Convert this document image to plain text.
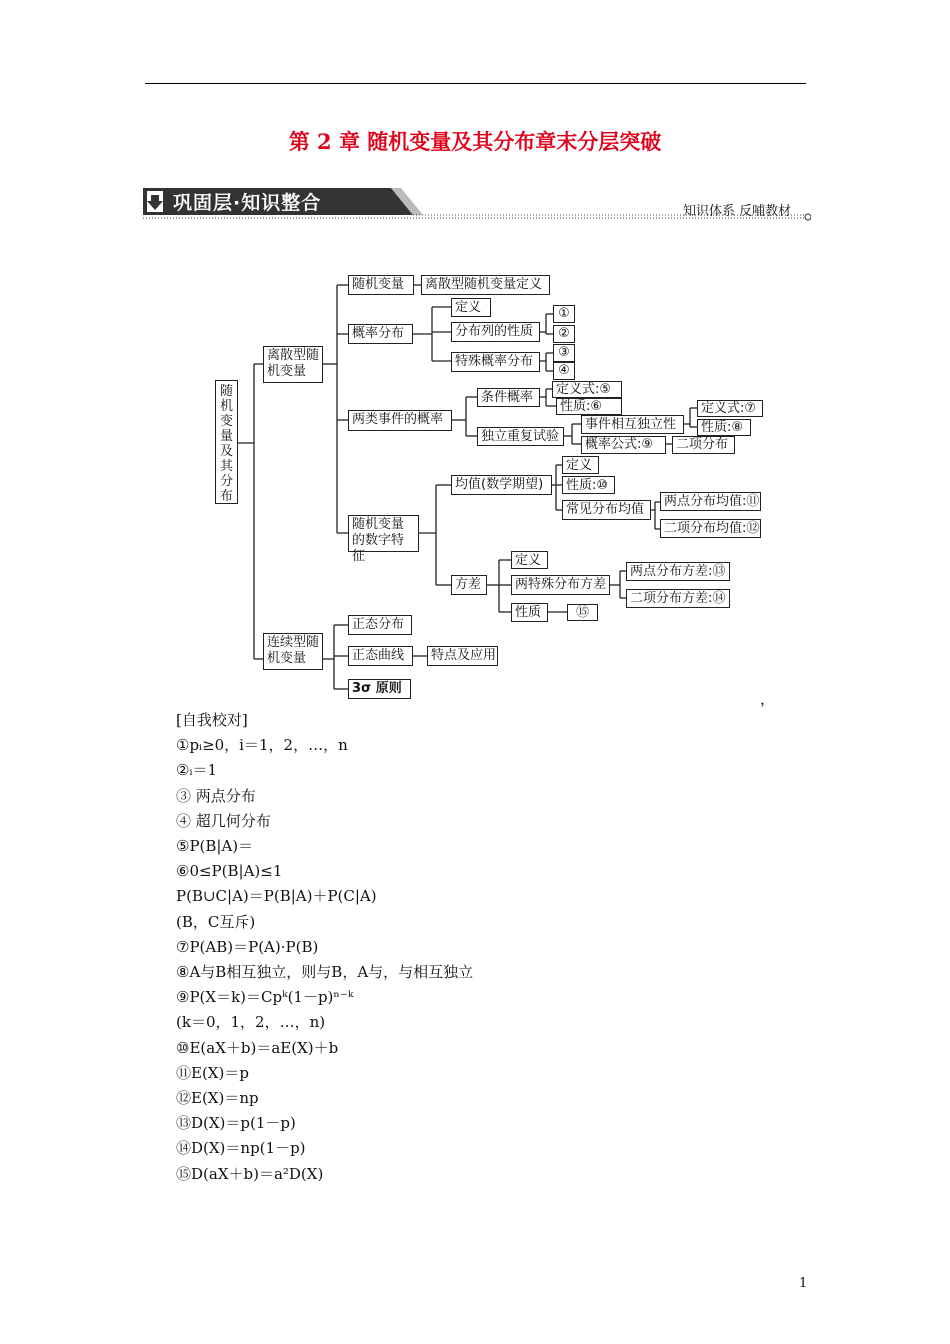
第 2 章 随机变量及其分布章末分层突破
巩固层·知识整合	知识体系 反哺教材
随机变量及其分布
离散型随机变量
随机变量	离散型随机变量定义
概率分布
定义
分布列的性质
①
②
特殊概率分布
③
④
两类事件的概率
条件概率
定义式:⑤
性质:⑥
独立重复试验
事件相互独立性
定义式:⑦
性质:⑧
概率公式:⑨	二项分布
随机变量的数字特征
均值(数学期望)
定义
性质:⑩
常见分布均值
两点分布均值:⑪
二项分布均值:⑫
方差
定义
两特殊分布方差
两点分布方差:⑬
二项分布方差:⑭
性质	⑮
连续型随机变量
正态分布
正态曲线	特点及应用
3σ 原则
，
[自我校对]
①pᵢ≥0，i＝1，2，…，n
②ᵢ＝1
③ 两点分布
④ 超几何分布
⑤P(B|A)＝
⑥0≤P(B|A)≤1
P(B∪C|A)＝P(B|A)＋P(C|A)
(B，C互斥)
⑦P(AB)＝P(A)·P(B)
⑧A与B相互独立，则与B，A与，与相互独立
⑨P(X＝k)＝Cpᵏ(1－p)ⁿ⁻ᵏ
(k＝0，1，2，…，n)
⑩E(aX＋b)＝aE(X)＋b
⑪E(X)＝p
⑫E(X)＝np
⑬D(X)＝p(1－p)
⑭D(X)＝np(1－p)
⑮D(aX＋b)＝a²D(X)
1
